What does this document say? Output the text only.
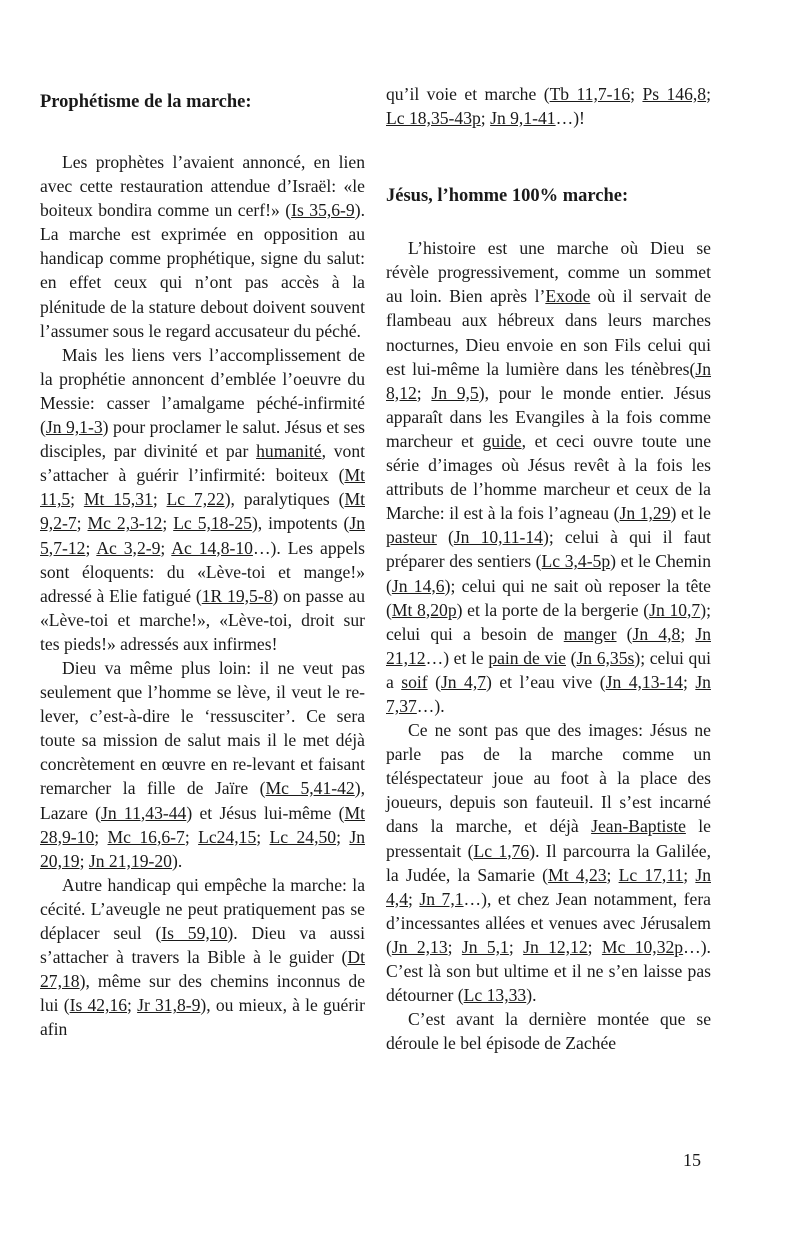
Prophétisme de la marche:

Les prophètes l’avaient annoncé, en lien avec cette restauration attendue d’Israël: «le boiteux bondira comme un cerf!» (Is 35,6-9). La marche est exprimée en opposition au handicap comme prophétique, signe du salut: en effet ceux qui n’ont pas accès à la plénitude de la stature debout doivent souvent l’assumer sous le regard accusateur du péché.

Mais les liens vers l’accomplissement de la prophétie annoncent d’emblée l’oeuvre du Messie: casser l’amalgame péché-infirmité (Jn 9,1-3) pour proclamer le salut. Jésus et ses disciples, par divinité et par humanité, vont s’attacher à guérir l’infirmité: boiteux (Mt 11,5; Mt 15,31; Lc 7,22), paralytiques (Mt 9,2-7; Mc 2,3-12; Lc 5,18-25), impotents (Jn 5,7-12; Ac 3,2-9; Ac 14,8-10…). Les appels sont éloquents: du «Lève-toi et mange!» adressé à Elie fatigué (1R 19,5-8) on passe au «Lève-toi et marche!», «Lève-toi, droit sur tes pieds!» adressés aux infirmes!

Dieu va même plus loin: il ne veut pas seulement que l’homme se lève, il veut le re-lever, c’est-à-dire le ‘ressusciter’. Ce sera toute sa mission de salut mais il le met déjà concrètement en œuvre en re-levant et faisant remarcher la fille de Jaïre (Mc 5,41-42), Lazare (Jn 11,43-44) et Jésus lui-même (Mt 28,9-10; Mc 16,6-7; Lc24,15; Lc 24,50; Jn 20,19; Jn 21,19-20).

Autre handicap qui empêche la marche: la cécité. L’aveugle ne peut pratiquement pas se déplacer seul (Is 59,10). Dieu va aussi s’attacher à travers la Bible à le guider (Dt 27,18), même sur des chemins inconnus de lui (Is 42,16; Jr 31,8-9), ou mieux, à le guérir afin

qu’il voie et marche (Tb 11,7-16; Ps 146,8; Lc 18,35-43p; Jn 9,1-41…)!

Jésus, l’homme 100% marche:

L’histoire est une marche où Dieu se révèle progressivement, comme un sommet au loin. Bien après l’Exode où il servait de flambeau aux hébreux dans leurs marches nocturnes, Dieu envoie en son Fils celui qui est lui-même la lumière dans les ténèbres(Jn 8,12; Jn 9,5), pour le monde entier. Jésus apparaît dans les Evangiles à la fois comme marcheur et guide, et ceci ouvre toute une série d’images où Jésus revêt à la fois les attributs de l’homme marcheur et ceux de la Marche: il est à la fois l’agneau (Jn 1,29) et le pasteur (Jn 10,11-14); celui à qui il faut préparer des sentiers (Lc 3,4-5p) et le Chemin (Jn 14,6); celui qui ne sait où reposer la tête (Mt 8,20p) et la porte de la bergerie (Jn 10,7); celui qui a besoin de manger (Jn 4,8; Jn 21,12…) et le pain de vie (Jn 6,35s); celui qui a soif (Jn 4,7) et l’eau vive (Jn 4,13-14; Jn 7,37…).

Ce ne sont pas que des images: Jésus ne parle pas de la marche comme un téléspectateur joue au foot à la place des joueurs, depuis son fauteuil. Il s’est incarné dans la marche, et déjà Jean-Baptiste le pressentait (Lc 1,76). Il parcourra la Galilée, la Judée, la Samarie (Mt 4,23; Lc 17,11; Jn 4,4; Jn 7,1…), et chez Jean notamment, fera d’incessantes allées et venues avec Jérusalem (Jn 2,13; Jn 5,1; Jn 12,12; Mc 10,32p…). C’est là son but ultime et il ne s’en laisse pas détourner (Lc 13,33).

C’est avant la dernière montée que se déroule le bel épisode de Zachée

15
